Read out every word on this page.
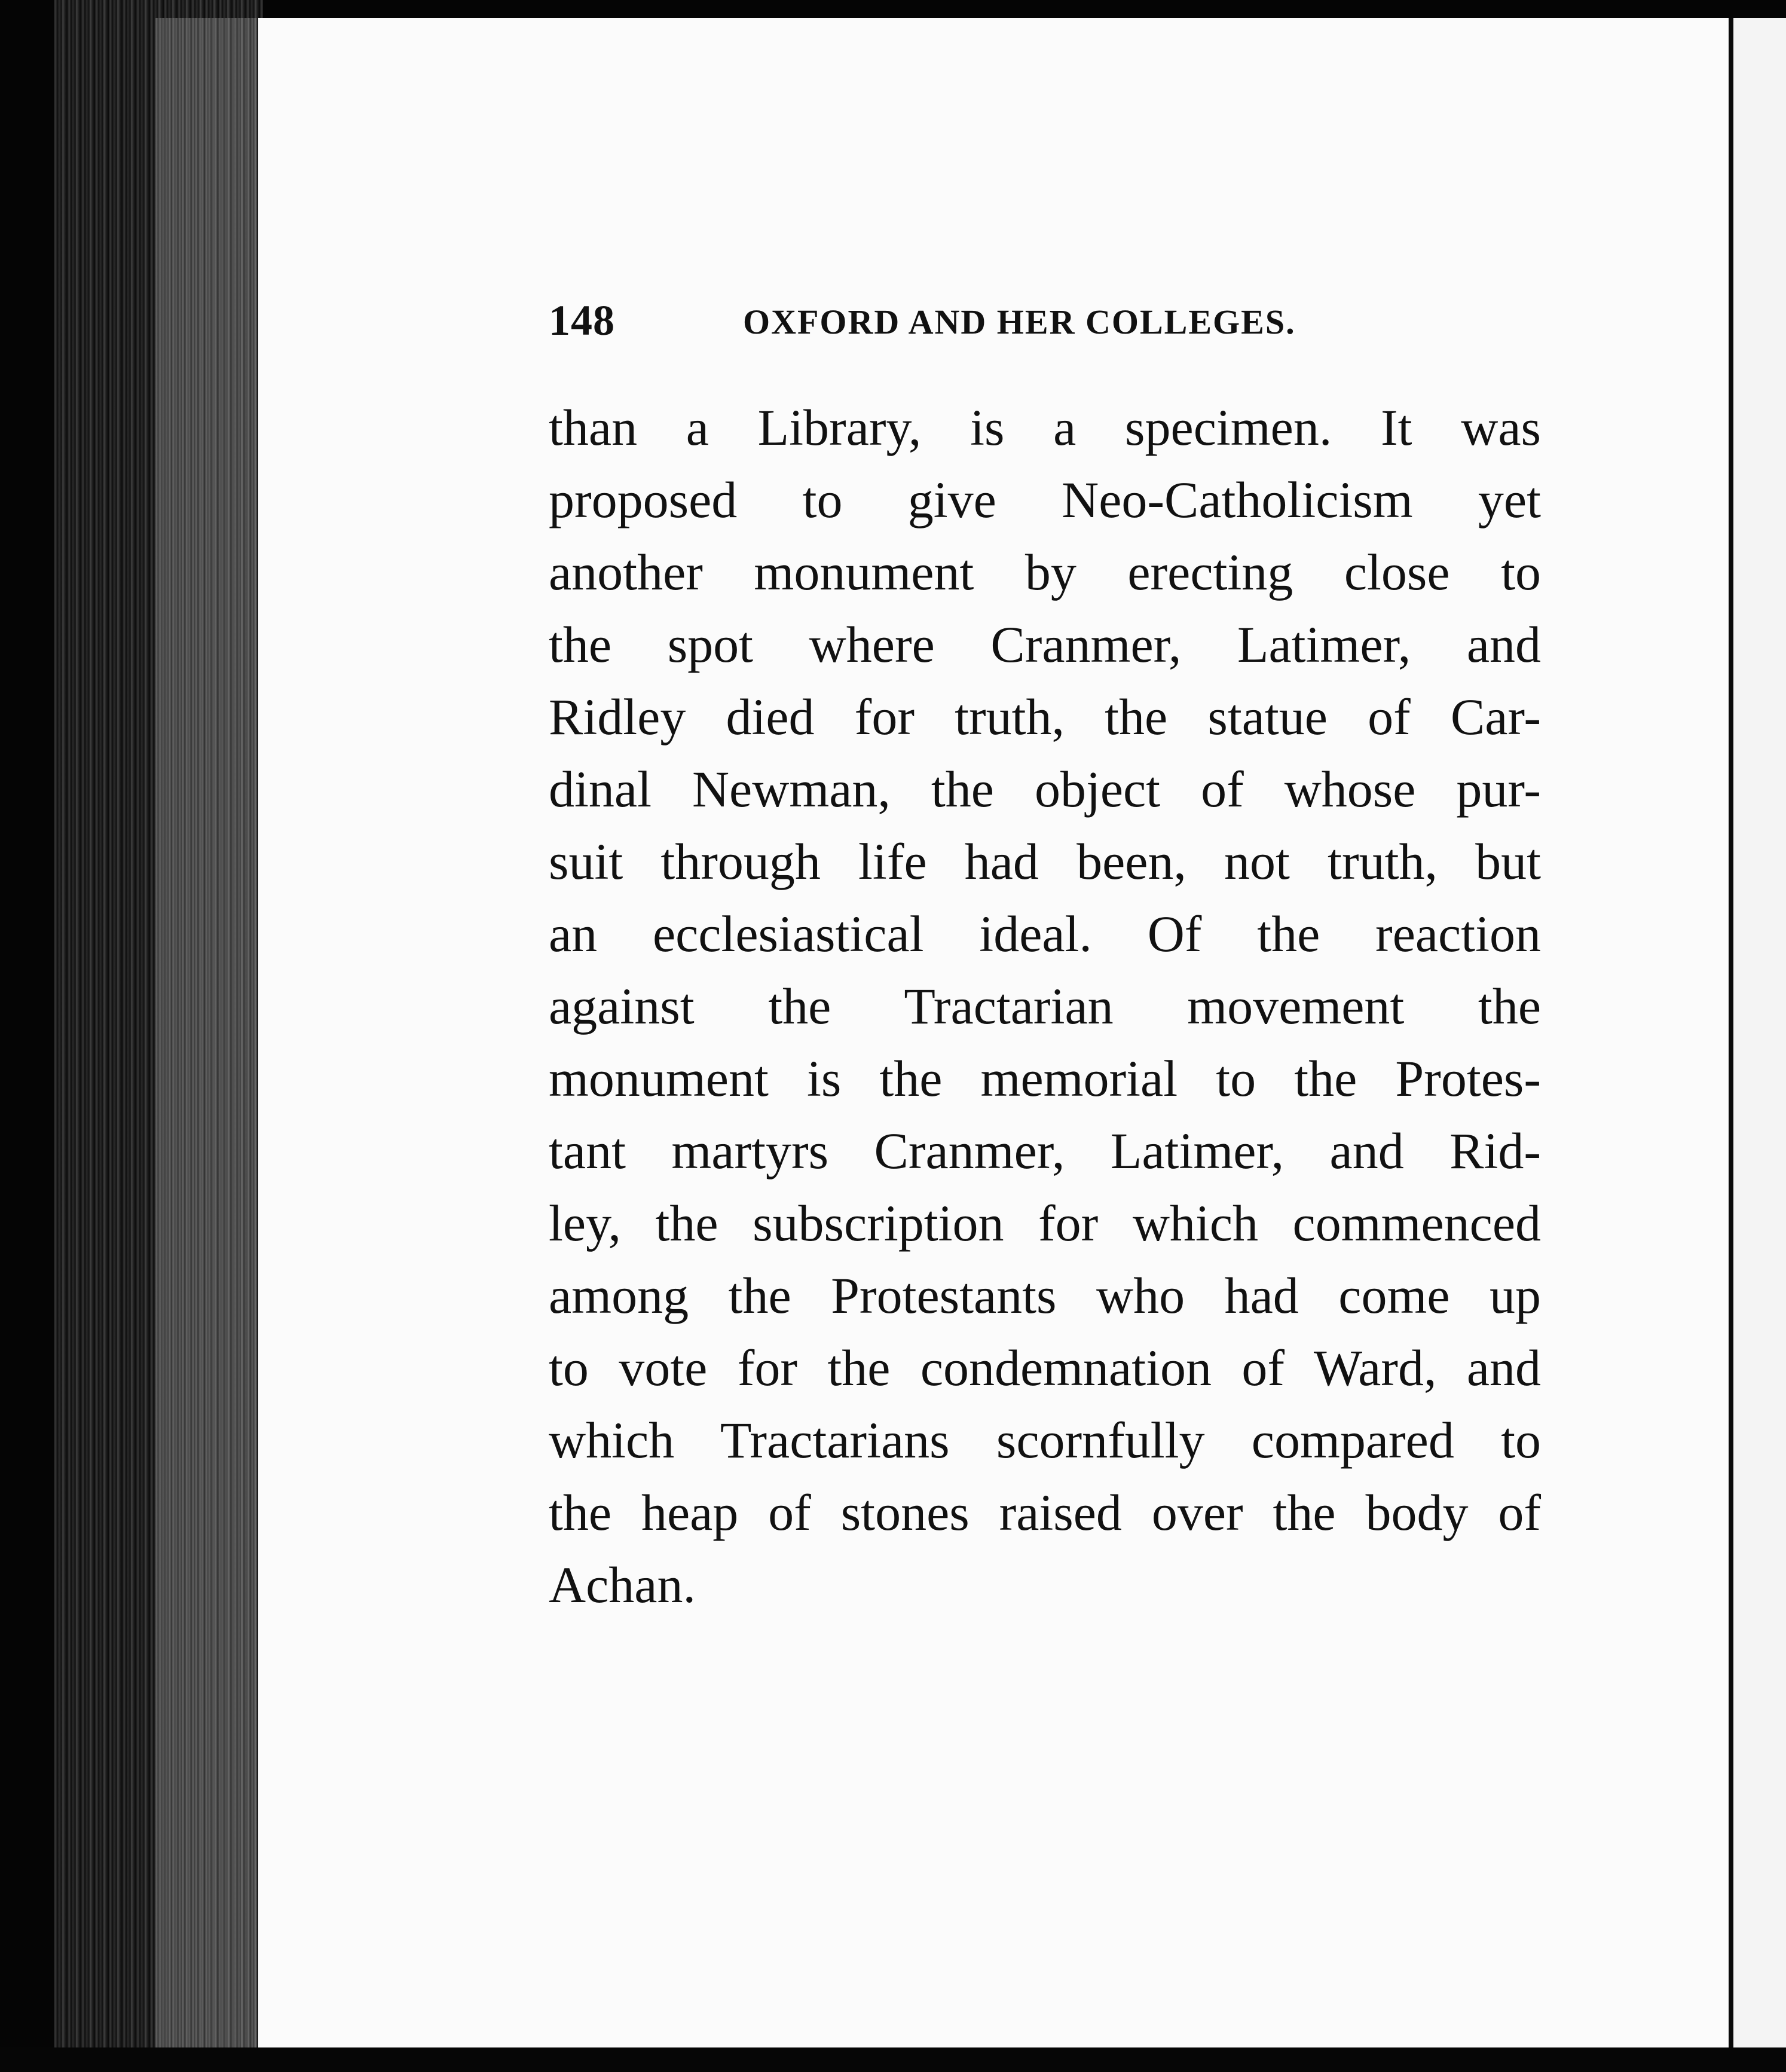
148	OXFORD AND HER COLLEGES.
than a Library, is a specimen. It was
proposed to give Neo-Catholicism yet
another monument by erecting close to
the spot where Cranmer, Latimer, and
Ridley died for truth, the statue of Car-
dinal Newman, the object of whose pur-
suit through life had been, not truth, but
an ecclesiastical ideal. Of the reaction
against the Tractarian movement the
monument is the memorial to the Protes-
tant martyrs Cranmer, Latimer, and Rid-
ley, the subscription for which commenced
among the Protestants who had come up
to vote for the condemnation of Ward, and
which Tractarians scornfully compared to
the heap of stones raised over the body of
Achan.
